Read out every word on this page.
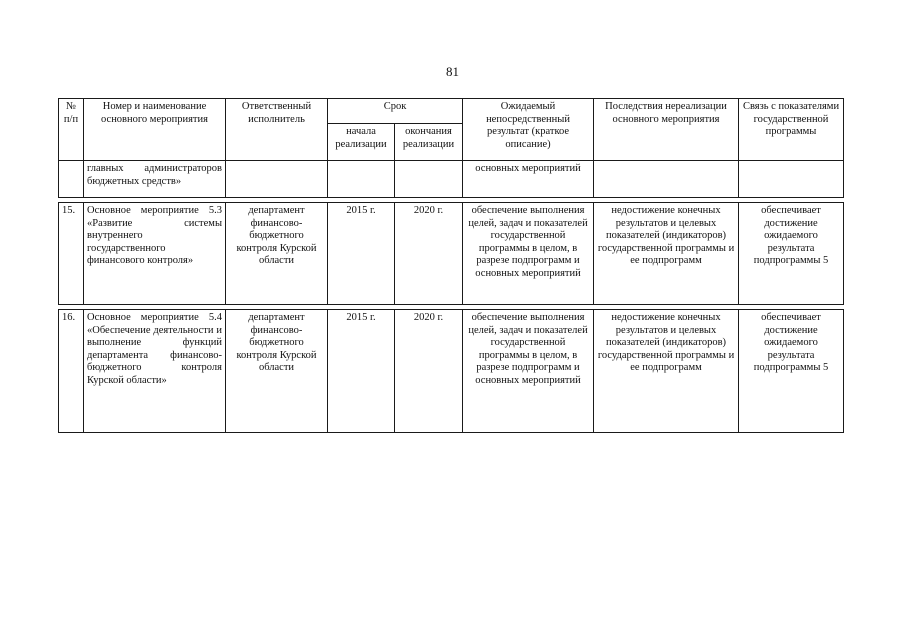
81
№ п/п	Номер и наименование основного мероприятия	Ответственный исполнитель	Срок		Ожидаемый непосредственный результат (краткое описание)	Последствия нереализации основного мероприятия	Связь с показателями государственной программы
			начала реализации	окончания реализации			
	главных администраторов бюджетных средств»				основных мероприятий		

15.	Основное мероприятие 5.3 «Развитие системы внутреннего государственного финансового контроля»	департамент финансово-бюджетного контроля Курской области	2015 г.	2020 г.	обеспечение выполнения целей, задач и показателей государственной программы в целом, в разрезе подпрограмм и основных мероприятий	недостижение конечных результатов и целевых показателей (индикаторов) государственной программы и ее подпрограмм	обеспечивает достижение ожидаемого результата подпрограммы 5

16.	Основное мероприятие 5.4 «Обеспечение деятельности и выполнение функций департамента финансово-бюджетного контроля Курской области»	департамент финансово-бюджетного контроля Курской области	2015 г.	2020 г.	обеспечение выполнения целей, задач и показателей государственной программы в целом, в разрезе подпрограмм и основных мероприятий	недостижение конечных результатов и целевых показателей (индикаторов) государственной программы и ее подпрограмм	обеспечивает достижение ожидаемого результата подпрограммы 5
